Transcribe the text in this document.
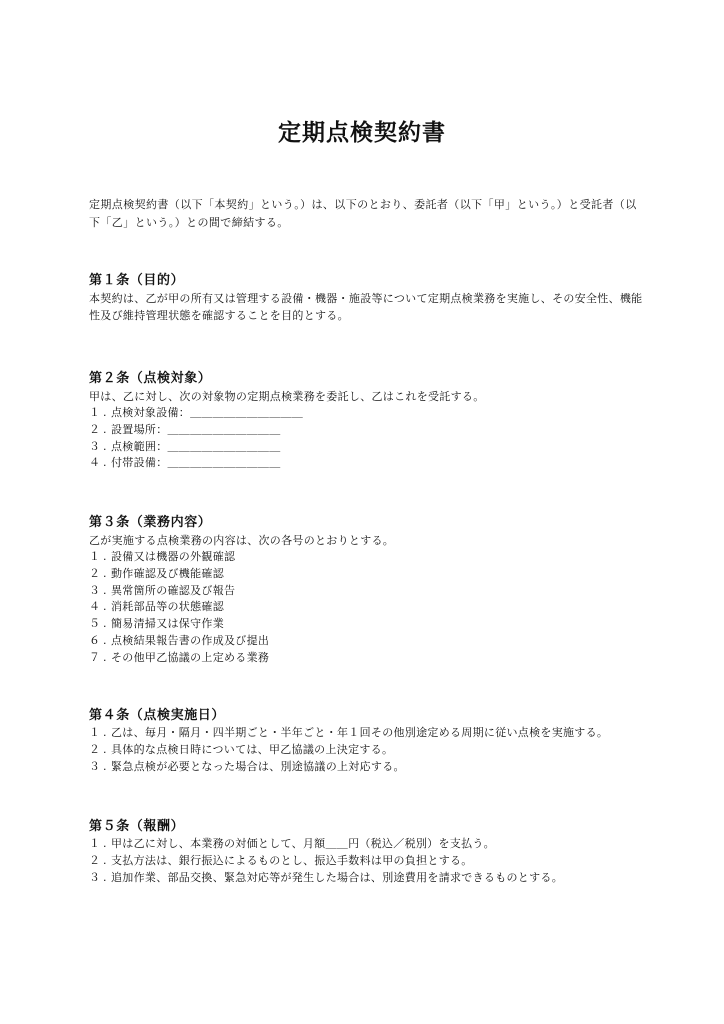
定期点検契約書

定期点検契約書（以下「本契約」という。）は、以下のとおり、委託者（以下「甲」という。）と受託者（以下「乙」という。）との間で締結する。

第１条（目的）

本契約は、乙が甲の所有又は管理する設備・機器・施設等について定期点検業務を実施し、その安全性、機能性及び維持管理状態を確認することを目的とする。

第２条（点検対象）

甲は、乙に対し、次の対象物の定期点検業務を委託し、乙はこれを受託する。

１ . 点検対象設備：＿＿＿＿＿＿＿＿＿＿
２ . 設置場所：＿＿＿＿＿＿＿＿＿＿
３ . 点検範囲：＿＿＿＿＿＿＿＿＿＿
４ . 付帯設備：＿＿＿＿＿＿＿＿＿＿
第３条（業務内容）

乙が実施する点検業務の内容は、次の各号のとおりとする。

１ . 設備又は機器の外観確認
２ . 動作確認及び機能確認
３ . 異常箇所の確認及び報告
４ . 消耗部品等の状態確認
５ . 簡易清掃又は保守作業
６ . 点検結果報告書の作成及び提出
７ . その他甲乙協議の上定める業務
第４条（点検実施日）
１ . 乙は、毎月・隔月・四半期ごと・半年ごと・年１回その他別途定める周期に従い点検を実施する。
２ . 具体的な点検日時については、甲乙協議の上決定する。
３ . 緊急点検が必要となった場合は、別途協議の上対応する。
第５条（報酬）
１ . 甲は乙に対し、本業務の対価として、月額＿＿円（税込／税別）を支払う。
２ . 支払方法は、銀行振込によるものとし、振込手数料は甲の負担とする。
３ . 追加作業、部品交換、緊急対応等が発生した場合は、別途費用を請求できるものとする。
